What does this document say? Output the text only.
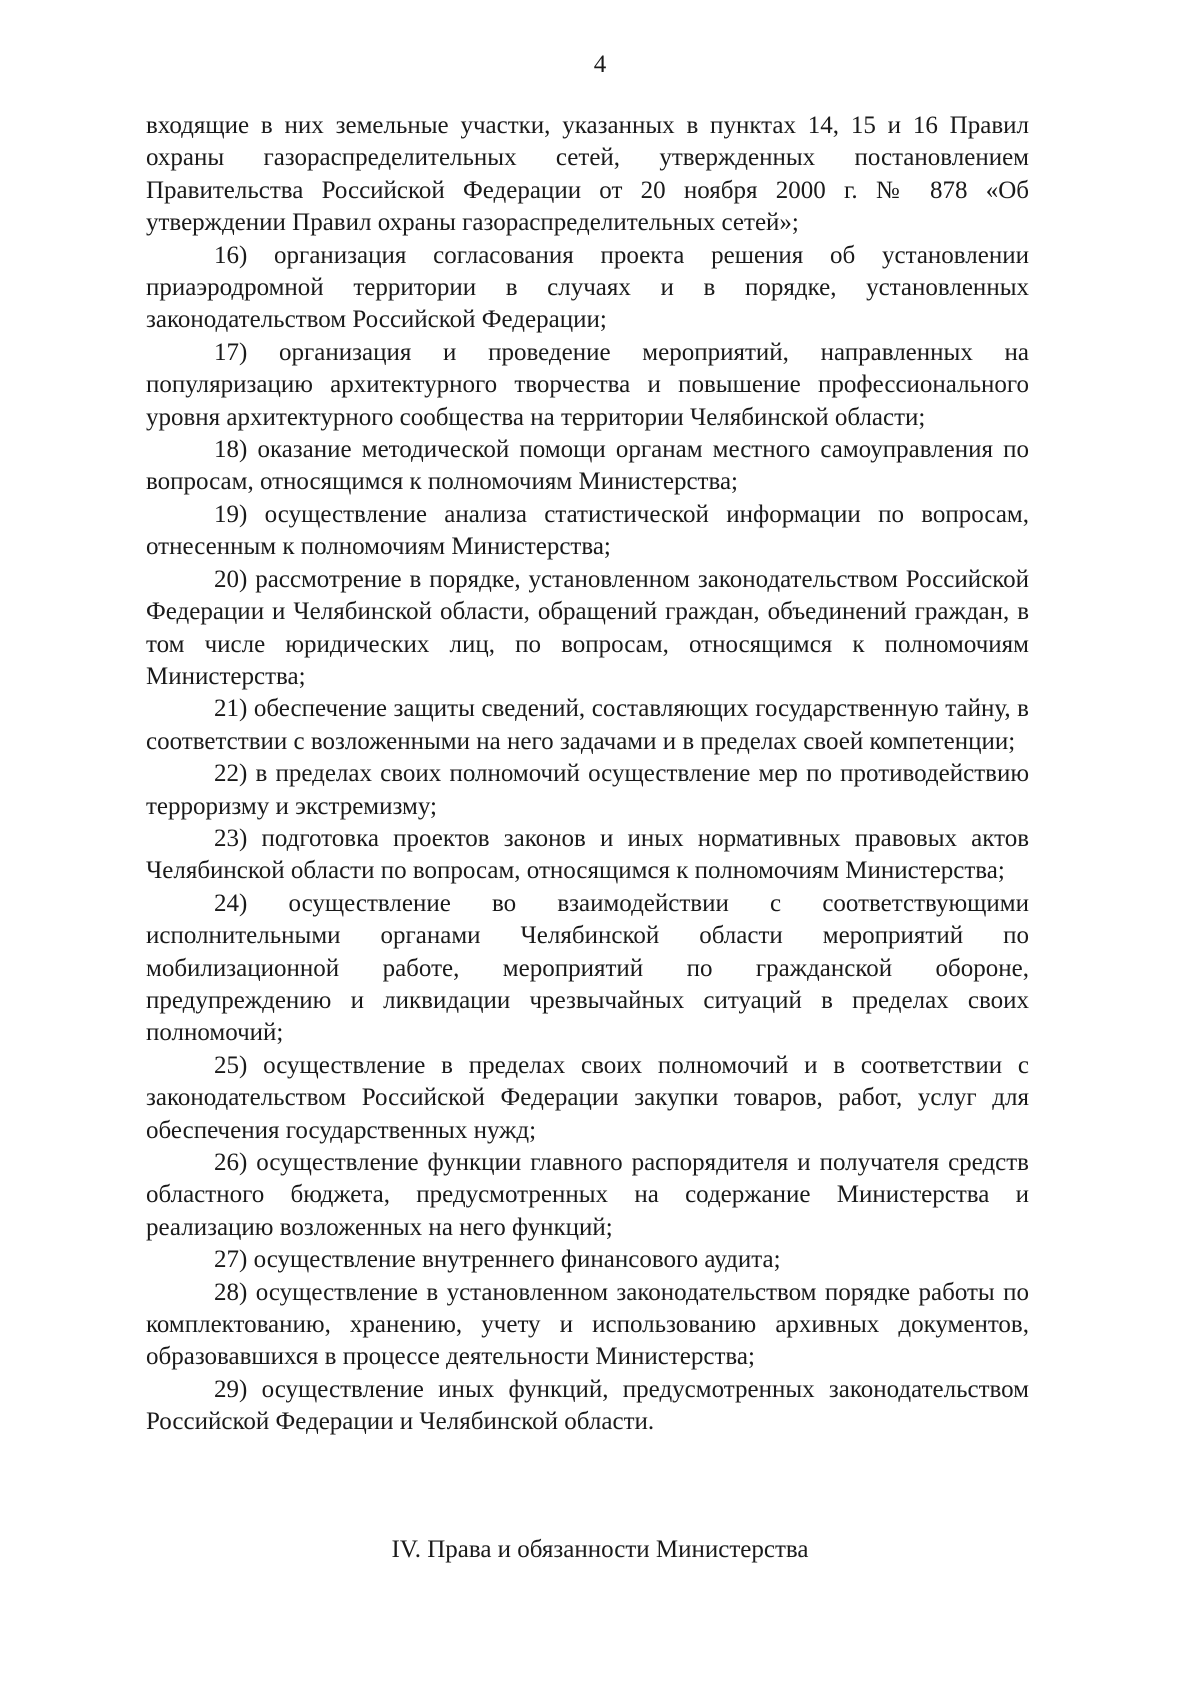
4

входящие в них земельные участки, указанных в пунктах 14, 15 и 16 Правил охраны газораспределительных сетей, утвержденных постановлением Правительства Российской Федерации от 20 ноября 2000 г. № 878 «Об утверждении Правил охраны газораспределительных сетей»;

16) организация согласования проекта решения об установлении приаэродромной территории в случаях и в порядке, установленных законодательством Российской Федерации;

17) организация и проведение мероприятий, направленных на популяризацию архитектурного творчества и повышение профессионального уровня архитектурного сообщества на территории Челябинской области;

18) оказание методической помощи органам местного самоуправления по вопросам, относящимся к полномочиям Министерства;

19) осуществление анализа статистической информации по вопросам, отнесенным к полномочиям Министерства;

20) рассмотрение в порядке, установленном законодательством Российской Федерации и Челябинской области, обращений граждан, объединений граждан, в том числе юридических лиц, по вопросам, относящимся к полномочиям Министерства;

21) обеспечение защиты сведений, составляющих государственную тайну, в соответствии с возложенными на него задачами и в пределах своей компетенции;

22) в пределах своих полномочий осуществление мер по противодействию терроризму и экстремизму;

23) подготовка проектов законов и иных нормативных правовых актов Челябинской области по вопросам, относящимся к полномочиям Министерства;

24) осуществление во взаимодействии с соответствующими исполнительными органами Челябинской области мероприятий по мобилизационной работе, мероприятий по гражданской обороне, предупреждению и ликвидации чрезвычайных ситуаций в пределах своих полномочий;

25) осуществление в пределах своих полномочий и в соответствии с законодательством Российской Федерации закупки товаров, работ, услуг для обеспечения государственных нужд;

26) осуществление функции главного распорядителя и получателя средств областного бюджета, предусмотренных на содержание Министерства и реализацию возложенных на него функций;

27) осуществление внутреннего финансового аудита;

28) осуществление в установленном законодательством порядке работы по комплектованию, хранению, учету и использованию архивных документов, образовавшихся в процессе деятельности Министерства;

29) осуществление иных функций, предусмотренных законодательством Российской Федерации и Челябинской области.

IV. Права и обязанности Министерства
